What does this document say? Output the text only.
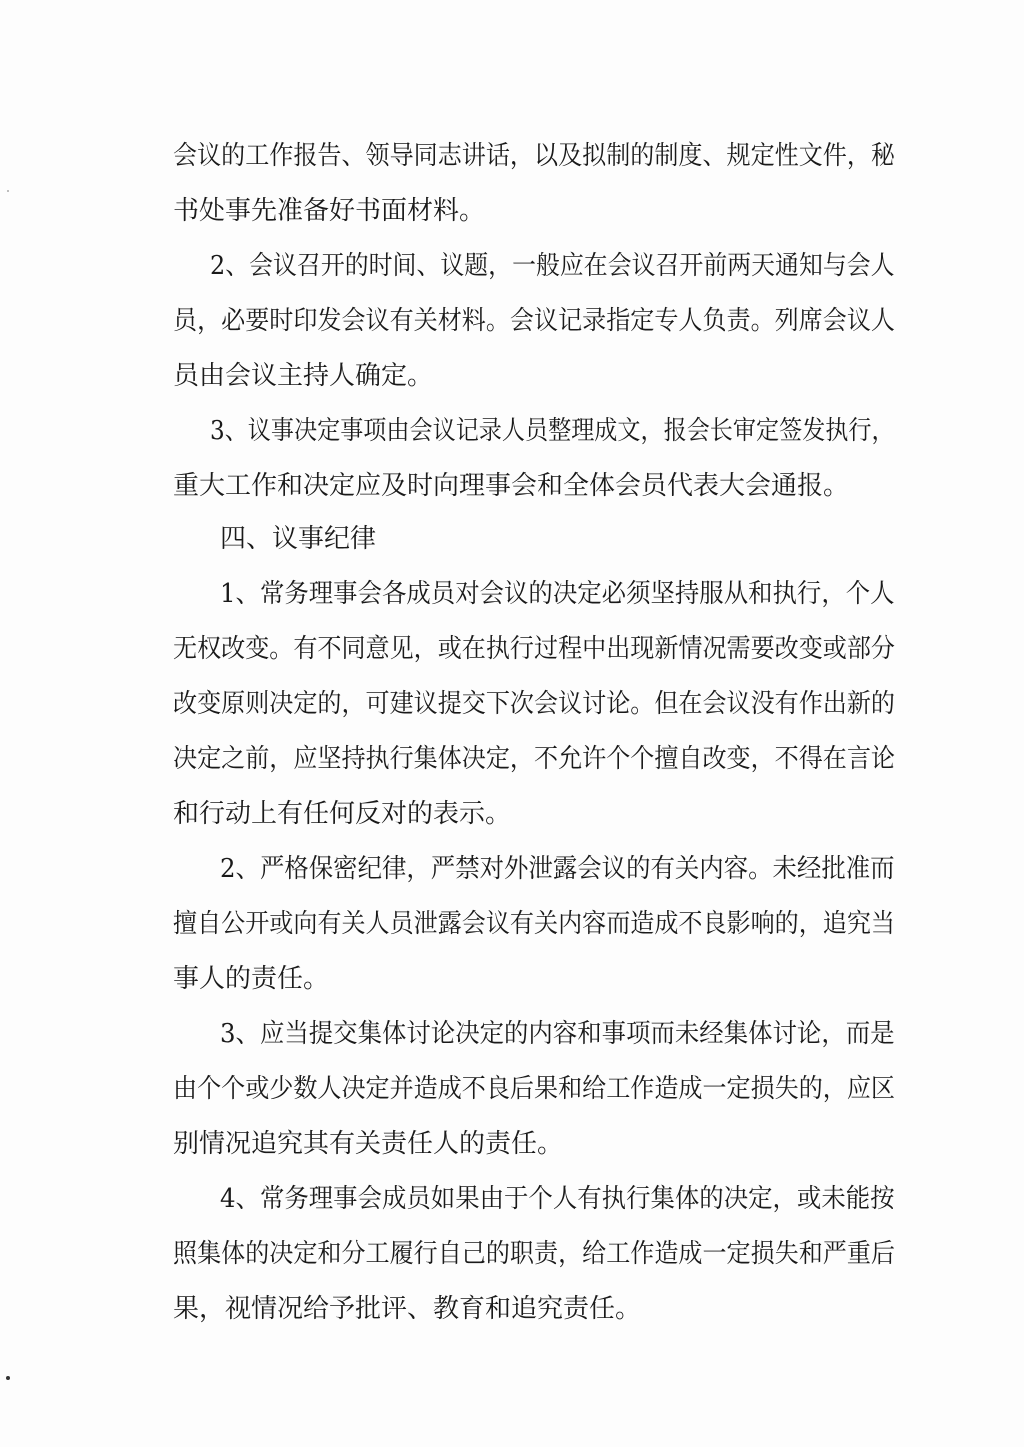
会议的工作报告、领导同志讲话，以及拟制的制度、规定性文件，秘
书处事先准备好书面材料。
2、会议召开的时间、议题，一般应在会议召开前两天通知与会人
员，必要时印发会议有关材料。会议记录指定专人负责。列席会议人
员由会议主持人确定。
3、议事决定事项由会议记录人员整理成文，报会长审定签发执行，
重大工作和决定应及时向理事会和全体会员代表大会通报。
四、议事纪律
1、常务理事会各成员对会议的决定必须坚持服从和执行，个人
无权改变。有不同意见，或在执行过程中出现新情况需要改变或部分
改变原则决定的，可建议提交下次会议讨论。但在会议没有作出新的
决定之前，应坚持执行集体决定，不允许个个擅自改变，不得在言论
和行动上有任何反对的表示。
2、严格保密纪律，严禁对外泄露会议的有关内容。未经批准而
擅自公开或向有关人员泄露会议有关内容而造成不良影响的，追究当
事人的责任。
3、应当提交集体讨论决定的内容和事项而未经集体讨论，而是
由个个或少数人决定并造成不良后果和给工作造成一定损失的，应区
别情况追究其有关责任人的责任。
4、常务理事会成员如果由于个人有执行集体的决定，或未能按
照集体的决定和分工履行自己的职责，给工作造成一定损失和严重后
果，视情况给予批评、教育和追究责任。
